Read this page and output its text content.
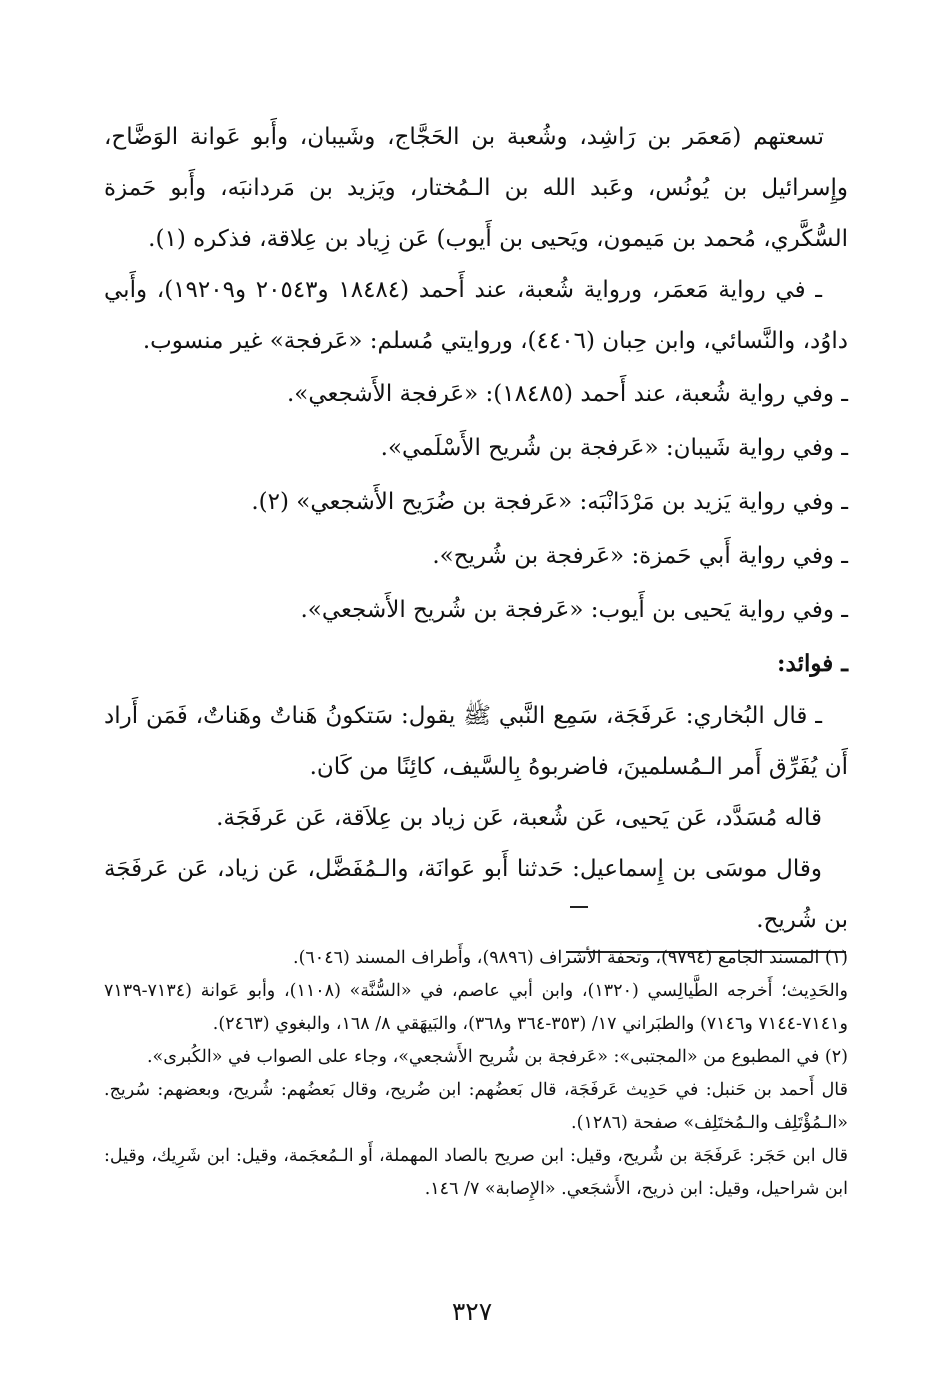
تسعتهم (مَعمَر بن رَاشِد، وشُعبة بن الحَجَّاج، وشَيبان، وأَبو عَوانة الوَضَّاح، وإِسرائيل بن يُونُس، وعَبد الله بن الـمُختار، ويَزيد بن مَردانبَه، وأَبو حَمزة السُّكَّري، مُحمد بن مَيمون، ويَحيى بن أَيوب) عَن زِياد بن عِلاقة، فذكره (١).

ـ في رواية مَعمَر، ورواية شُعبة، عند أَحمد (١٨٤٨٤ و٢٠٥٤٣ و١٩٢٠٩)، وأَبي داوُد، والنَّسائي، وابن حِبان (٤٤٠٦)، وروايتي مُسلم: «عَرفجة» غير منسوب.

ـ وفي رواية شُعبة، عند أَحمد (١٨٤٨٥): «عَرفجة الأَشجعي».

ـ وفي رواية شَيبان: «عَرفجة بن شُريح الأَسْلَمي».

ـ وفي رواية يَزيد بن مَرْدَانْبَه: «عَرفجة بن ضُرَيح الأَشجعي» (٢).

ـ وفي رواية أَبي حَمزة: «عَرفجة بن شُريح».

ـ وفي رواية يَحيى بن أَيوب: «عَرفجة بن شُريح الأَشجعي».

ـ فوائد:

ـ قال البُخاري: عَرفَجَة، سَمِع النَّبي ﷺ يقول: سَتكونُ هَناتٌ وهَناتٌ، فَمَن أَراد أَن يُفَرِّق أَمر الـمُسلمينَ، فاضربوهُ بِالسَّيف، كائِنًا من كَان.

قاله مُسَدَّد، عَن يَحيى، عَن شُعبة، عَن زياد بن عِلاَقة، عَن عَرفَجَة.

وقال موسَى بن إِسماعيل: حَدثنا أَبو عَوانَة، والـمُفَضَّل، عَن زياد، عَن عَرفَجَة بن شُريح.

(١) المسند الجامع (٩٧٩٤)، وتحفة الأشراف (٩٨٩٦)، وأَطراف المسند (٦٠٤٦).

والحَدِيث؛ أَخرجه الطَّيالِسي (١٣٢٠)، وابن أبي عاصم، في «السُّنَّة» (١١٠٨)، وأبو عَوانة (٧١٣٤-٧١٣٩ و٧١٤١-٧١٤٤ و٧١٤٦) والطبَراني ١٧/ (٣٥٣-٣٦٤ و٣٦٨)، والبَيهَقي ٨/ ١٦٨، والبغوي (٢٤٦٣).

(٢) في المطبوع من «المجتبى»: «عَرفجة بن شُريح الأَشجعي»، وجاء على الصواب في «الكُبرى».

قال أَحمد بن حَنبل: في حَدِيث عَرفَجَة، قال بَعضُهم: ابن ضُريح، وقال بَعضُهم: شُريح، وبعضهم: سُريج. «الـمُؤْتَلِف والـمُختَلِف» صفحة (١٢٨٦).

قال ابن حَجَر: عَرفَجَة بن شُريح، وقيل: ابن صريح بالصاد المهملة، أَو الـمُعجَمة، وقيل: ابن شَرِيك، وقيل: ابن شراحيل، وقيل: ابن ذريح، الأَشجَعي. «الإِصابة» ٧/ ١٤٦.

٣٢٧
